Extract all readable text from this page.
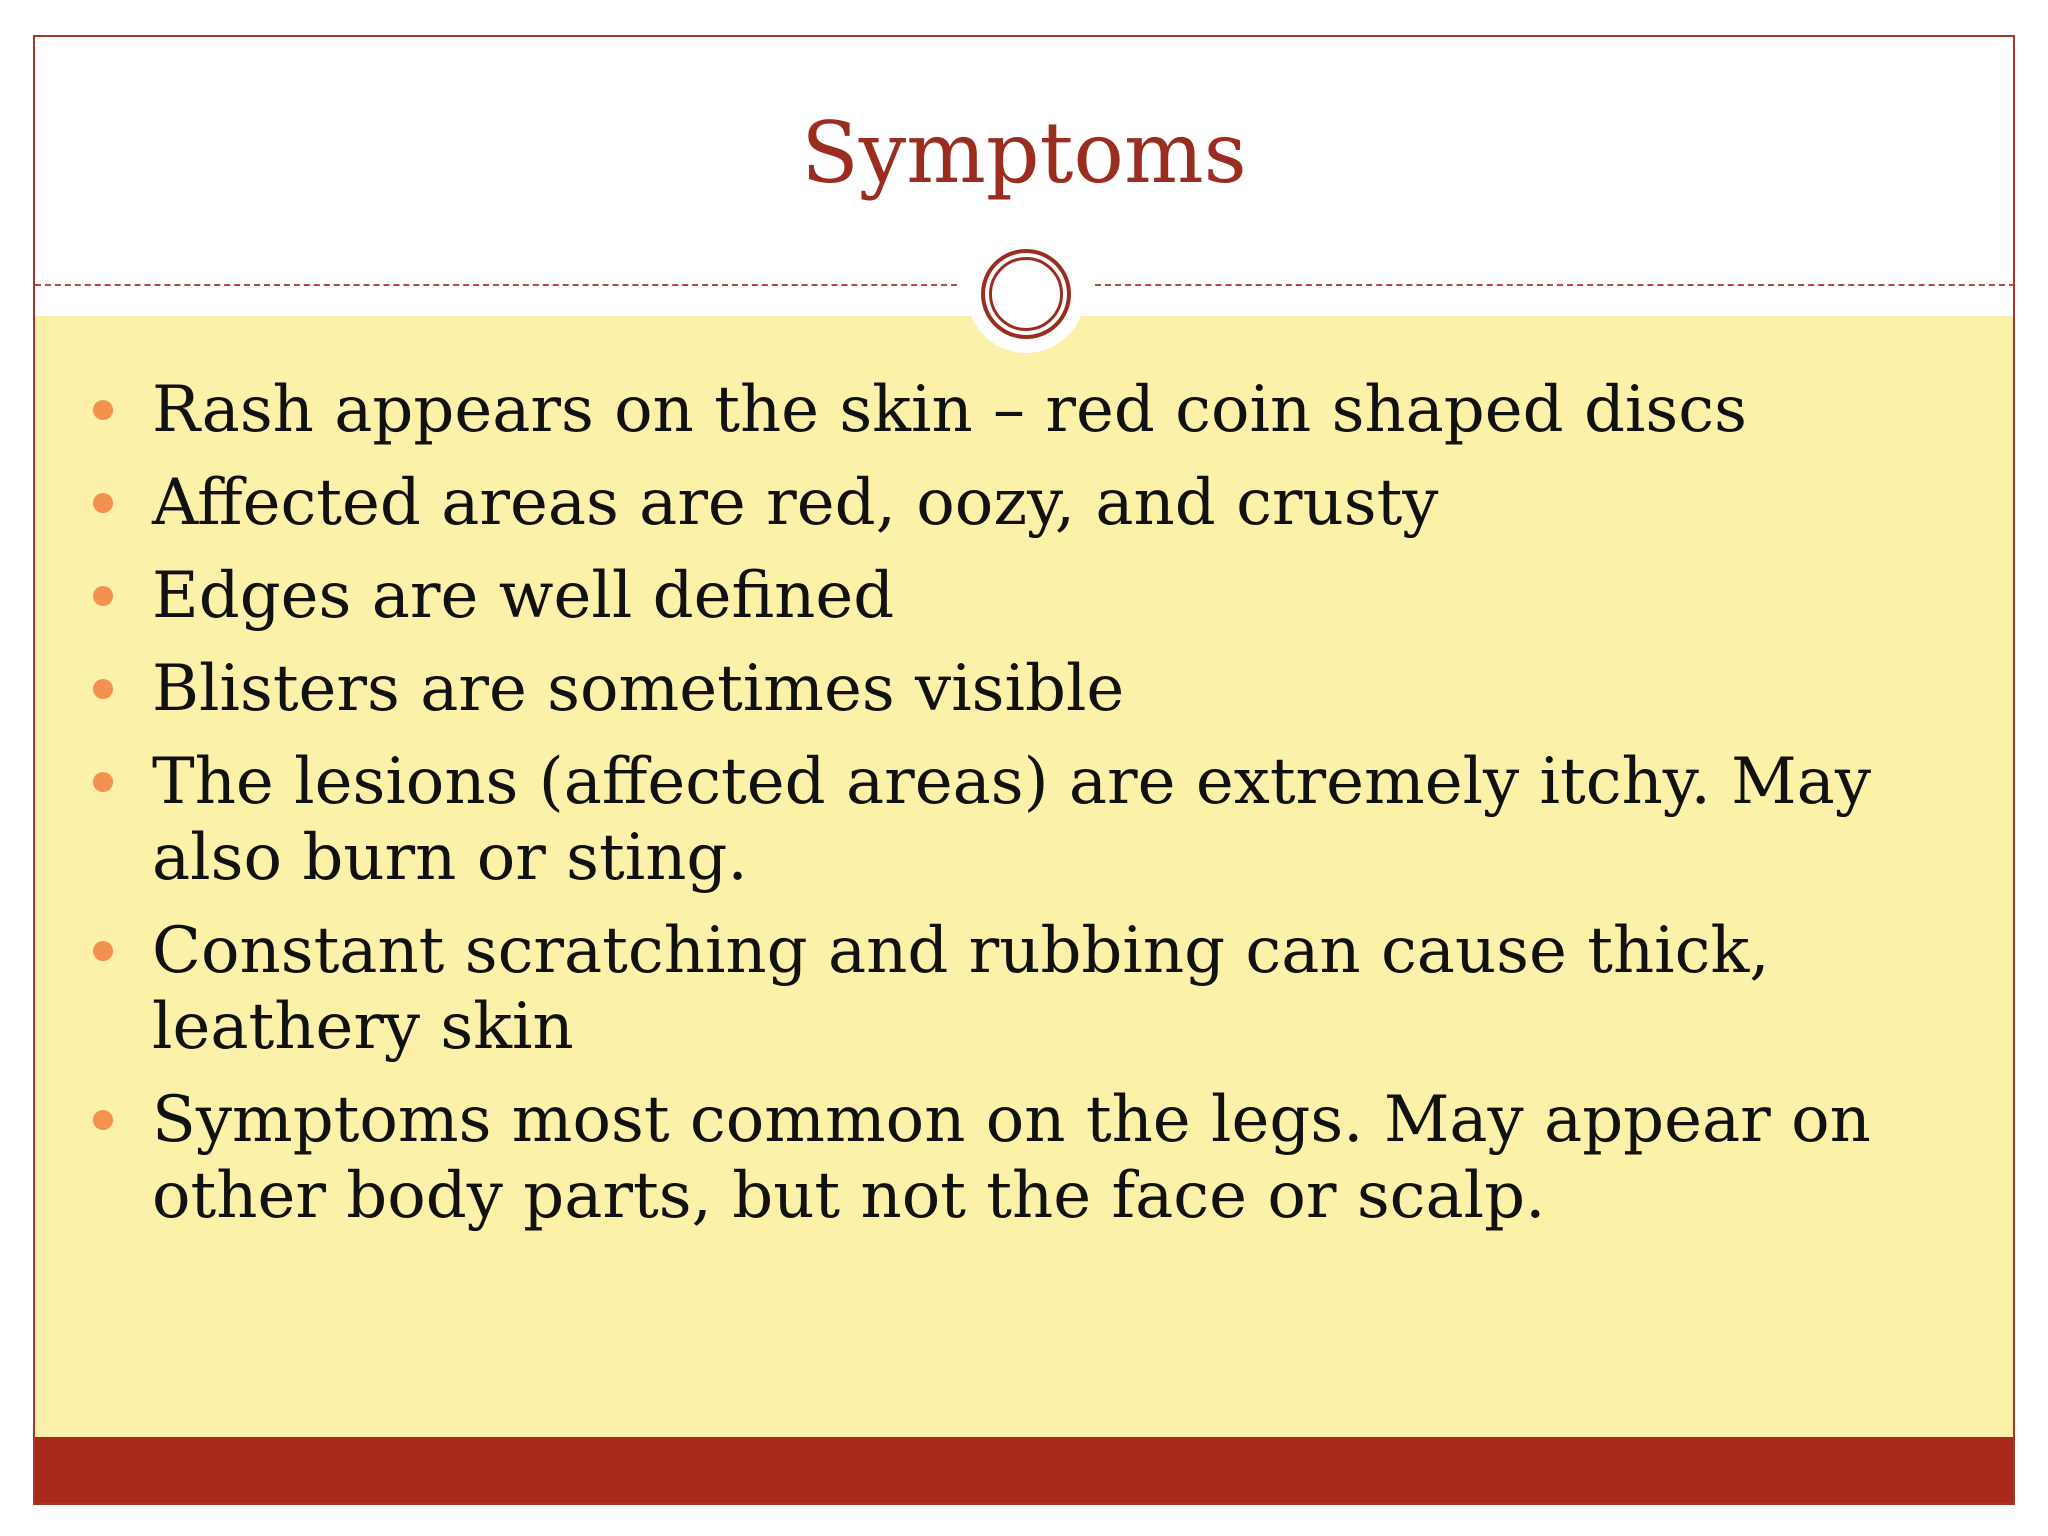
Symptoms
Rash appears on the skin – red coin shaped discs
Affected areas are red, oozy, and crusty
Edges are well defined
Blisters are sometimes visible
The lesions (affected areas) are extremely itchy. May also burn or sting.
Constant scratching and rubbing can cause thick, leathery skin
Symptoms most common on the legs. May appear on other body parts, but not the face or scalp.
